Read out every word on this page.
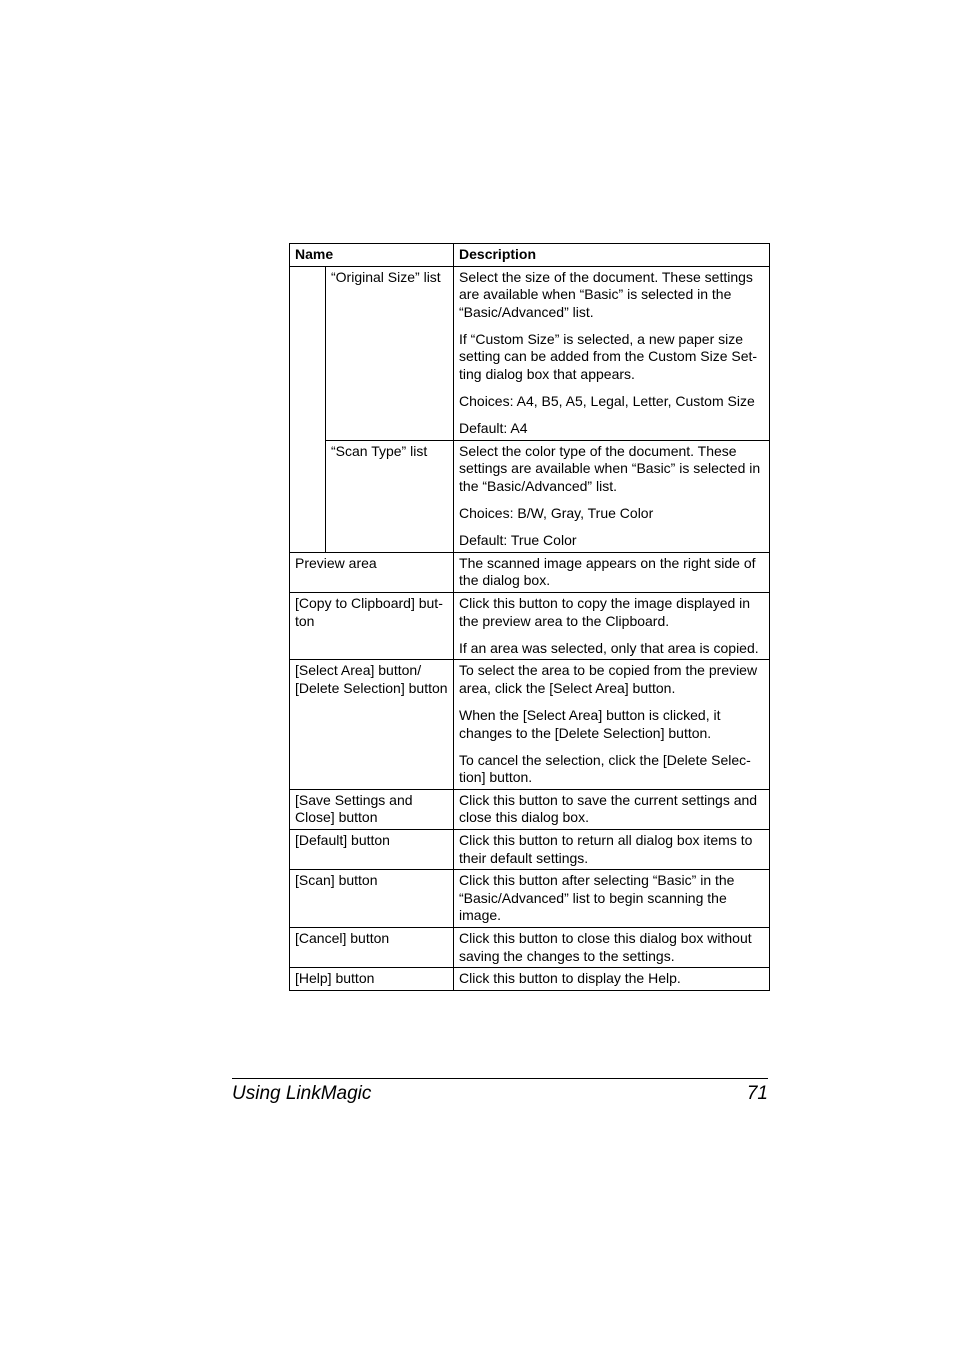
Name		Description
	“Original Size” list	Select the size of the document. These settings are available when “Basic” is selected in the “Basic/Advanced” list.
If “Custom Size” is selected, a new paper size setting can be added from the Custom Size Set-ting dialog box that appears.
Choices: A4, B5, A5, Legal, Letter, Custom Size
Default: A4

	“Scan Type” list	Select the color type of the document. These settings are available when “Basic” is selected in the “Basic/Advanced” list.
Choices: B/W, Gray, True Color
Default: True Color

Preview area		The scanned image appears on the right side of the dialog box.

[Copy to Clipboard] but-ton		Click this button to copy the image displayed in the preview area to the Clipboard.
If an area was selected, only that area is copied.

[Select Area] button/ [Delete Selection] button		To select the area to be copied from the preview area, click the [Select Area] button.
When the [Select Area] button is clicked, it changes to the [Delete Selection] button.
To cancel the selection, click the [Delete Selec-tion] button.

[Save Settings and Close] button		Click this button to save the current settings and close this dialog box.

[Default] button		Click this button to return all dialog box items to their default settings.

[Scan] button		Click this button after selecting “Basic” in the “Basic/Advanced” list to begin scanning the image.

[Cancel] button		Click this button to close this dialog box without saving the changes to the settings.

[Help] button		Click this button to display the Help.
Using LinkMagic	71
